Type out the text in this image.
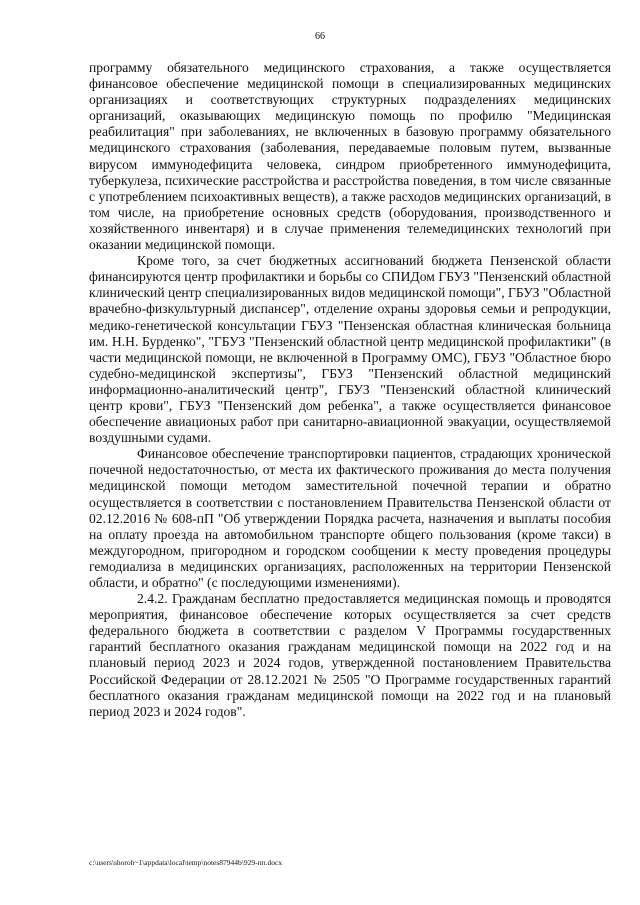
66

программу обязательного медицинского страхования, а также осуществляется финансовое обеспечение медицинской помощи в специализированных медицинских организациях и соответствующих структурных подразделениях медицинских организаций, оказывающих медицинскую помощь по профилю "Медицинская реабилитация" при заболеваниях, не включенных в базовую программу обязательного медицинского страхования (заболевания, передаваемые половым путем, вызванные вирусом иммунодефицита человека, синдром приобретенного иммунодефицита, туберкулеза, психические расстройства и расстройства поведения, в том числе связанные с употреблением психоактивных веществ), а также расходов медицинских организаций, в том числе, на приобретение основных средств (оборудования, производственного и хозяйственного инвентаря) и в случае применения телемедицинских технологий при оказании медицинской помощи.

Кроме того, за счет бюджетных ассигнований бюджета Пензенской области финансируются центр профилактики и борьбы со СПИДом ГБУЗ "Пензенский областной клинический центр специализированных видов медицинской помощи", ГБУЗ "Областной врачебно-физкультурный диспансер", отделение охраны здоровья семьи и репродукции, медико-генетической консультации ГБУЗ "Пензенская областная клиническая больница им. Н.Н. Бурденко", "ГБУЗ "Пензенский областной центр медицинской профилактики" (в части медицинской помощи, не включенной в Программу ОМС), ГБУЗ "Областное бюро судебно-медицинской экспертизы", ГБУЗ "Пензенский областной медицинский информационно-аналитический центр", ГБУЗ "Пензенский областной клинический центр крови", ГБУЗ "Пензенский дом ребенка", а также осуществляется финансовое обеспечение авиационых работ при санитарно-авиационной эвакуации, осуществляемой воздушными судами.

Финансовое обеспечение транспортировки пациентов, страдающих хронической почечной недостаточностью, от места их фактического проживания до места получения медицинской помощи методом заместительной почечной терапии и обратно осуществляется в соответствии с постановлением Правительства Пензенской области от 02.12.2016 № 608-пП "Об утверждении Порядка расчета, назначения и выплаты пособия на оплату проезда на автомобильном транспорте общего пользования (кроме такси) в междугородном, пригородном и городском сообщении к месту проведения процедуры гемодиализа в медицинских организациях, расположенных на территории Пензенской области, и обратно" (с последующими изменениями).

2.4.2. Гражданам бесплатно предоставляется медицинская помощь и проводятся мероприятия, финансовое обеспечение которых осуществляется за счет средств федерального бюджета в соответствии с разделом V Программы государственных гарантий бесплатного оказания гражданам медицинской помощи на 2022 год и на плановый период 2023 и 2024 годов, утвержденной постановлением Правительства Российской Федерации от 28.12.2021 № 2505 "О Программе государственных гарантий бесплатного оказания гражданам медицинской помощи на 2022 год и на плановый период 2023 и 2024 годов".

c:\users\shoroh~1\appdata\local\temp\notes87944b\929-пп.docx
